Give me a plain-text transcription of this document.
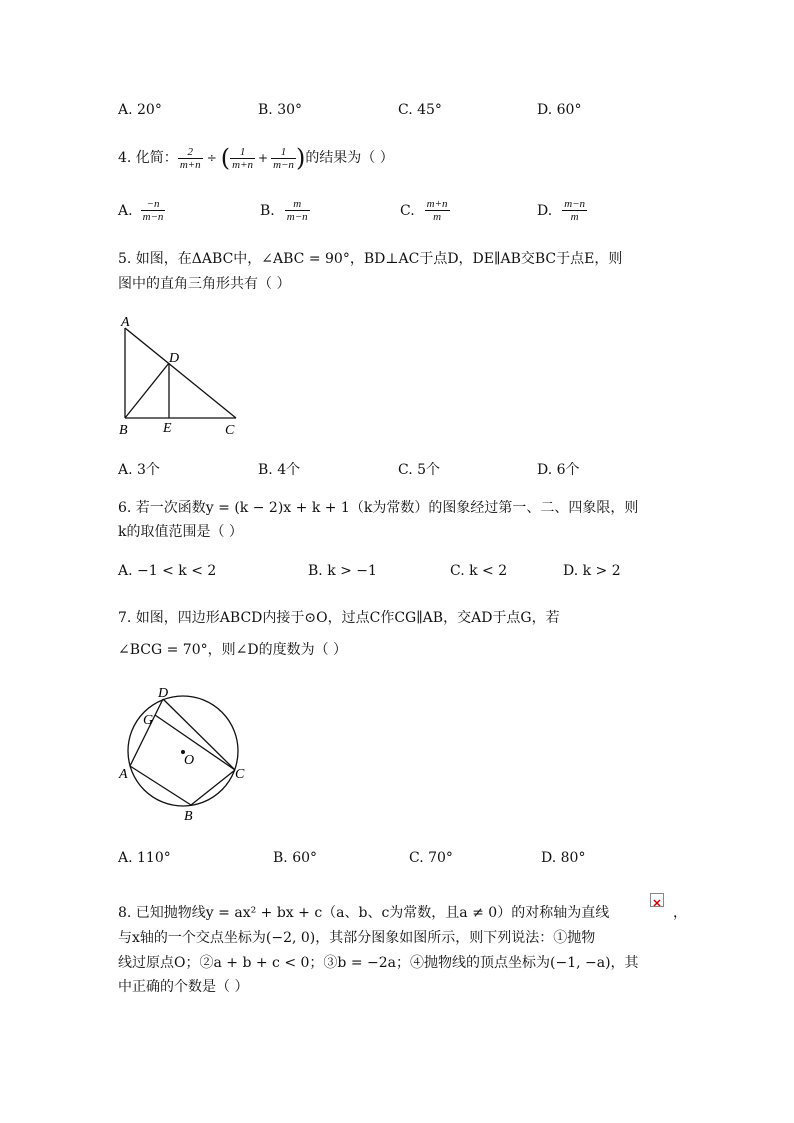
A. 20°	B. 30°	C. 45°	D. 60°
4. 化简： $\frac{2}{m+n}$ ÷ ( $\frac{1}{m+n} + \frac{1}{m-n}$ ) 的结果为（ ）
A. $\frac{-n}{m-n}$	B. $\frac{m}{m-n}$	C. $\frac{m+n}{m}$	D. $\frac{m-n}{m}$
5. 如图，在ΔABC中，∠ABC = 90°，BD⊥AC于点D，DE∥AB交BC于点E，则
图中的直角三角形共有（ ）
A
D
B	E	C
A. 3个	B. 4个	C. 5个	D. 6个
6. 若一次函数y = (k − 2)x + k + 1（k为常数）的图象经过第一、二、四象限，则
k的取值范围是（ ）
A. −1 < k < 2	B. k > −1	C. k < 2	D. k > 2
7. 如图，四边形ABCD内接于⊙O，过点C作CG∥AB，交AD于点G，若
∠BCG = 70°，则∠D的度数为（ ）
D
G
O
A	C
B
A. 110°	B. 60°	C. 70°	D. 80°
8. 已知抛物线y = ax² + bx + c（a、b、c为常数，且a ≠ 0）的对称轴为直线	，
与x轴的一个交点坐标为(−2, 0)，其部分图象如图所示，则下列说法：①抛物
线过原点O；②a + b + c < 0；③b = −2a；④抛物线的顶点坐标为(−1, −a)，其
中正确的个数是（ ）
